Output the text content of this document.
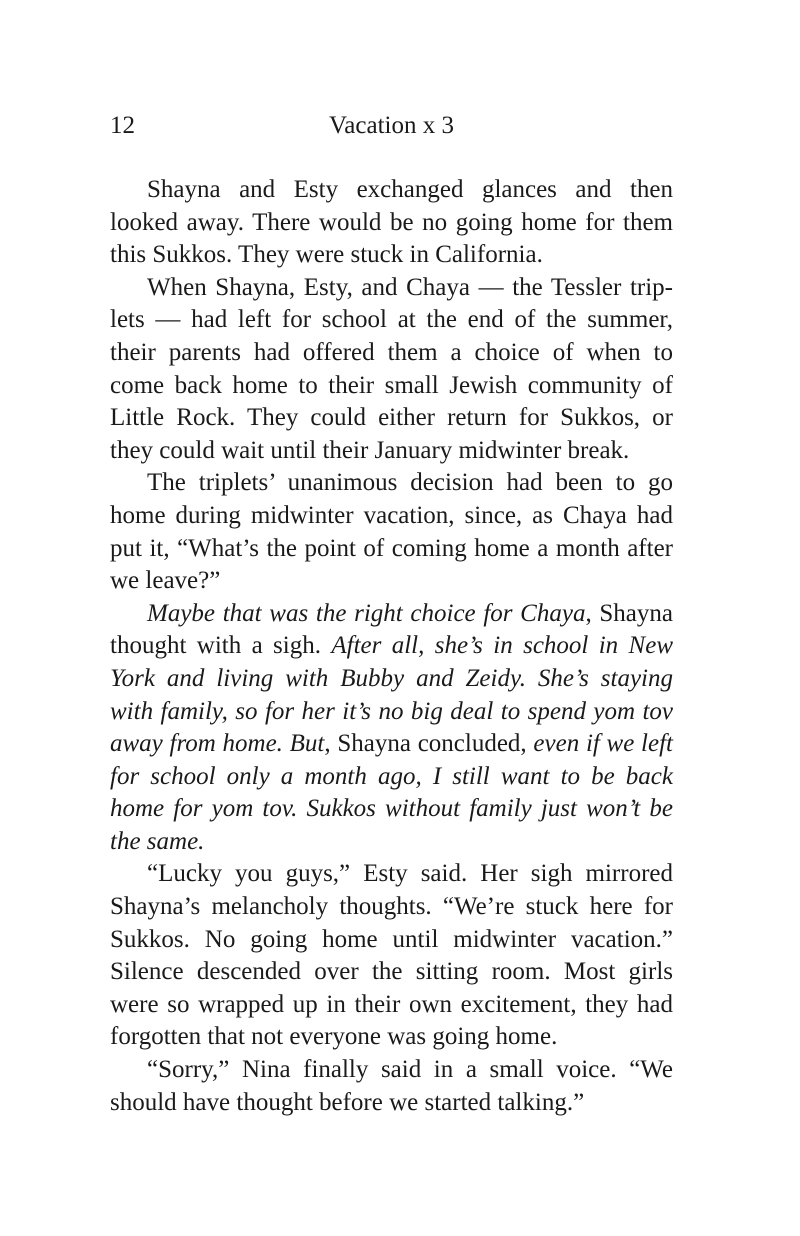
12	Vacation x 3

Shayna and Esty exchanged glances and then looked away. There would be no going home for them this Sukkos. They were stuck in California.

When Shayna, Esty, and Chaya — the Tessler triplets — had left for school at the end of the summer, their parents had offered them a choice of when to come back home to their small Jewish community of Little Rock. They could either return for Sukkos, or they could wait until their January midwinter break.

The triplets’ unanimous decision had been to go home during midwinter vacation, since, as Chaya had put it, “What’s the point of coming home a month after we leave?”

Maybe that was the right choice for Chaya, Shayna thought with a sigh. After all, she’s in school in New York and living with Bubby and Zeidy. She’s staying with family, so for her it’s no big deal to spend yom tov away from home. But, Shayna concluded, even if we left for school only a month ago, I still want to be back home for yom tov. Sukkos without family just won’t be the same.

“Lucky you guys,” Esty said. Her sigh mirrored Shayna’s melancholy thoughts. “We’re stuck here for Sukkos. No going home until midwinter vacation.” Silence descended over the sitting room. Most girls were so wrapped up in their own excitement, they had forgotten that not everyone was going home.

“Sorry,” Nina finally said in a small voice. “We should have thought before we started talking.”
